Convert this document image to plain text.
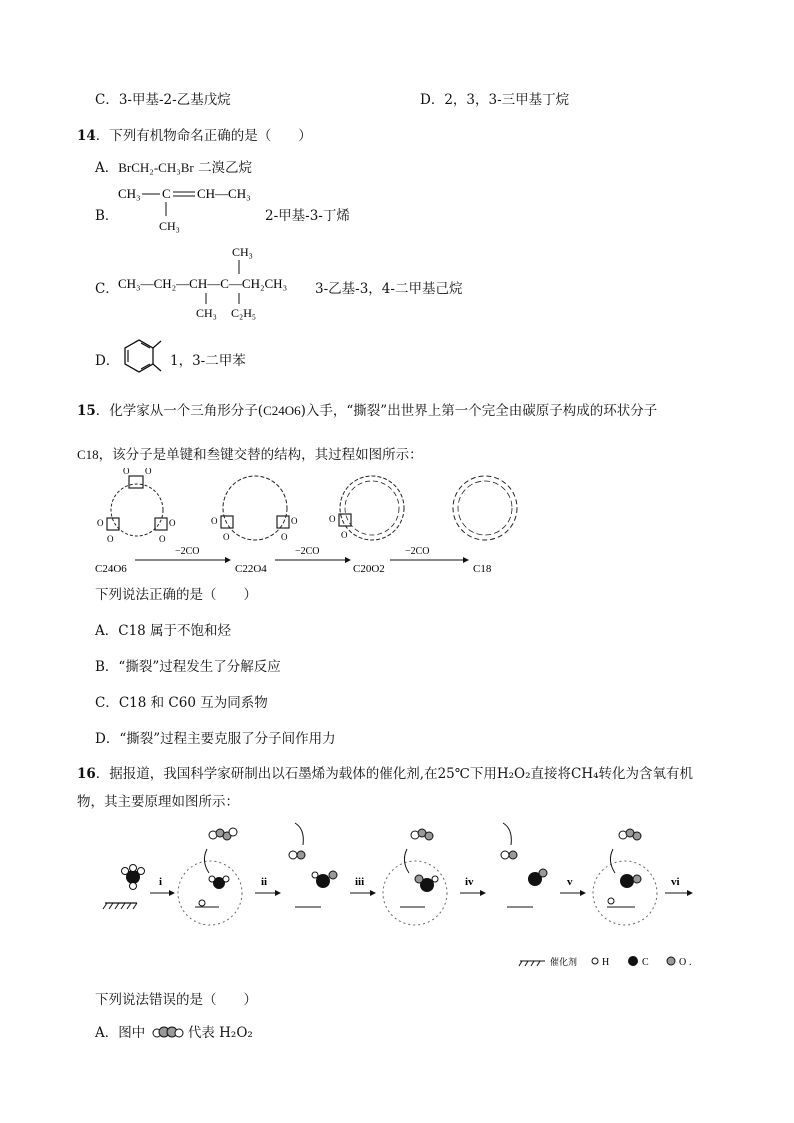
C．3-甲基-2-乙基戊烷	D．2，3，3-三甲基丁烷
14．下列有机物命名正确的是（　　）
A．BrCH₂-CH₃Br 二溴乙烷
B．
CH₃ C CH—CH₃
CH₃
2-甲基-3-丁烯
C．
CH₃
CH₃—CH₂—CH—C—CH₂CH₃
CH₃ C₂H₅
3-乙基-3，4-二甲基己烷
D．	1，3-二甲苯
15．化学家从一个三角形分子(C24O6)入手，“撕裂”出世界上第一个完全由碳原子构成的环状分子
C18，该分子是单键和叁键交替的结构，其过程如图所示：
O O
O
O
O
O
O
O
O
O
O
O
−2CO	−2CO	−2CO
C24O6	C22O4	C20O2	C18
下列说法正确的是（　　）
A．C18 属于不饱和烃
B．“撕裂”过程发生了分解反应
C．C18 和 C60 互为同系物
D．“撕裂”过程主要克服了分子间作用力
16．据报道，我国科学家研制出以石墨烯为载体的催化剂,在25℃下用H₂O₂直接将CH₄转化为含氧有机
物，其主要原理如图所示：
i	ii	iii	iv	v	vi
催化剂 H	C	O .
下列说法错误的是（　　）
A．图中	代表 H₂O₂
